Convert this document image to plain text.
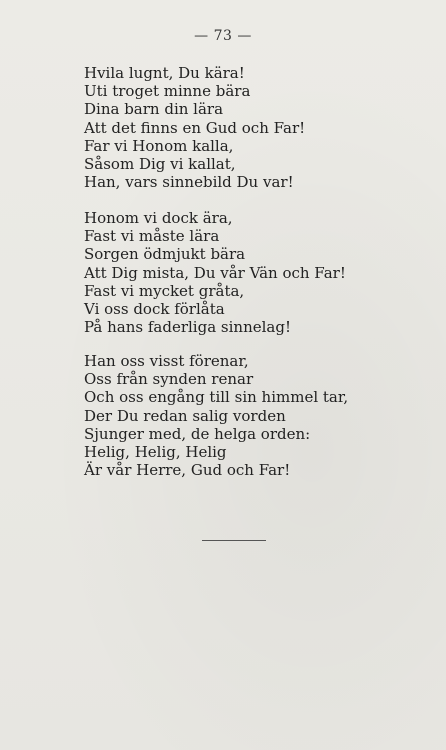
— 73 —
Hvila lugnt, Du kära!
Uti troget minne bära
Dina barn din lära
Att det finns en Gud och Far!
Far vi Honom kalla,
Såsom Dig vi kallat,
Han, vars sinnebild Du var!
Honom vi dock ära,
Fast vi måste lära
Sorgen ödmjukt bära
Att Dig mista, Du vår Vän och Far!
Fast vi mycket gråta,
Vi oss dock förlåta
På hans faderliga sinnelag!
Han oss visst förenar,
Oss från synden renar
Och oss engång till sin himmel tar,
Der Du redan salig vorden
Sjunger med, de helga orden:
Helig, Helig, Helig
Är vår Herre, Gud och Far!
